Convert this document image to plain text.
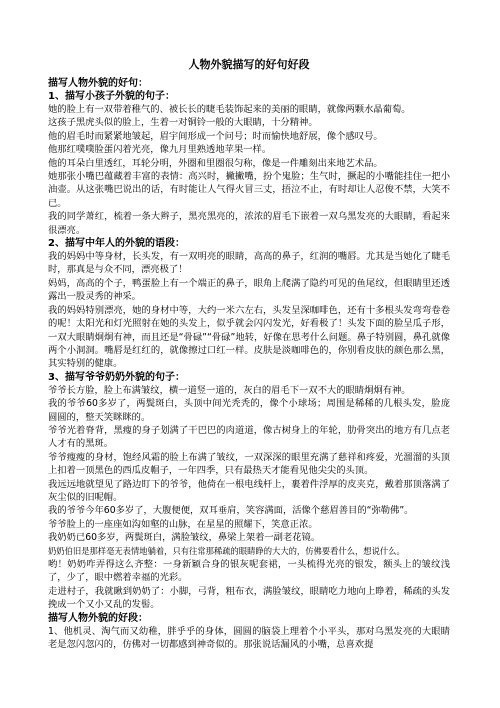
人物外貌描写的好句好段
描写人物外貌的好句：
1、描写小孩子外貌的句子：
她的脸上有一双带着稚气的、被长长的睫毛装饰起来的美丽的眼睛，就像两颗水晶葡萄。
这孩子黑虎头似的脸上，生着一对铜铃一般的大眼睛，十分精神。
他的眉毛时而紧紧地皱起，眉宇间形成一个问号；时而愉快地舒展，像个感叹号。
他那红噗噗脸蛋闪着光亮，像九月里熟透地苹果一样。
他的耳朵白里透红，耳轮分明，外圈和里圈很匀称，像是一件雕刻出来地艺术品。
她那张小嘴巴蕴藏着丰富的表情：高兴时，撇撇嘴，扮个鬼脸；生气时，撅起的小嘴能挂住一把小油壶。从这张嘴巴说出的话，有时能让人气得火冒三丈，捂泣不止，有时却让人忍俊不禁，大笑不已。
我的同学萧红，梳着一条大辫子，黑亮黑亮的，浓浓的眉毛下嵌着一双乌黑发亮的大眼睛，看起来很漂亮。
2、描写中年人的外貌的语段：
我的妈妈中等身材，长头发，有一双明亮的眼睛，高高的鼻子，红润的嘴唇。尤其是当她化了睫毛时，那真是与众不同，漂亮极了！
妈妈，高高的个子，鸭蛋脸上有一个端正的鼻子，眼角上爬满了隐约可见的鱼尾纹，但眼睛里还透露出一股灵秀的神采。
我的妈妈特别漂亮，她的身材中等，大约一米六左右，头发呈深咖啡色，还有十多根头发弯弯卷卷的呢！太阳光和灯光照射在她的头发上，似乎就会闪闪发光，好看极了！头发下面的脸呈瓜子形，一双大眼睛炯炯有神，而且还是“骨碌”“骨碌”地转，好像在思考什么问题。鼻子特别圆，鼻孔就像两个小洞洞。嘴唇是红红的，就像擦过口红一样。皮肤是淡咖啡色的，你别看皮肤的颜色那么黑，其实特别的健康。
3、描写爷爷奶奶外貌的句子：
爷爷长方脸，脸上布满皱纹，横一道竖一道的，灰白的眉毛下一双不大的眼睛炯炯有神。
我的爷爷60多岁了，两鬓斑白，头顶中间光秃秃的，像个小球场；周围是稀稀的几根头发，脸庞圆圆的，整天笑眯眯的。
爷爷光着脊背，黑瘦的身子划满了干巴巴的肉道道，像古树身上的年轮，肋骨突出的地方有几点老人才有的黑斑。
爷爷瘦瘦的身材，饱经风霜的脸上布满了皱纹，一双深深的眼里充满了慈祥和疼爱，光溜溜的头顶上扣着一顶黑色的西瓜皮帽子，一年四季，只有最热天才能看见他尖尖的头顶。
我远远地就望见了路边盯下的爷爷，他倚在一根电线杆上，裹着件浮厚的皮夹克，戴着那顶落满了灰尘似的旧呢帽。
我的爷爷今年60多岁了，大腹便便，双耳垂肩，笑容满面，活像个慈眉善目的“弥勒佛”。
爷爷脸上的一座座如沟如壑的山脉，在星星的照耀下，笑意正浓。
我奶奶已60多岁，两鬓斑白，满脸皱纹，鼻梁上架着一副老花镜。
奶奶伯旧是那样毫无表情地躺着，只有往常那稀疏的眼睛睁的大大的，仿佛要看什么，想说什么。
哟！奶奶咋弄得这么齐整：一身新颖合身的银灰呢套裙，一头梳得光亮的银发，额头上的皱纹浅了，少了，眼中燃着幸福的光彩。
走进村子，我就瞅到奶奶了：小脚，弓背，粗布衣，满脸皱纹，眼睛吃力地向上睁着，稀疏的头发挽成一个又小又乱的发髻。
描写人物外貌的好段：
1、他机灵、淘气而又幼稚，胖乎乎的身体，圆圆的脑袋上理着个小平头，那对乌黑发亮的大眼睛老是忽闪忽闪的，仿佛对一切都感到神奇似的。那张说话漏风的小嘴，总喜欢提
